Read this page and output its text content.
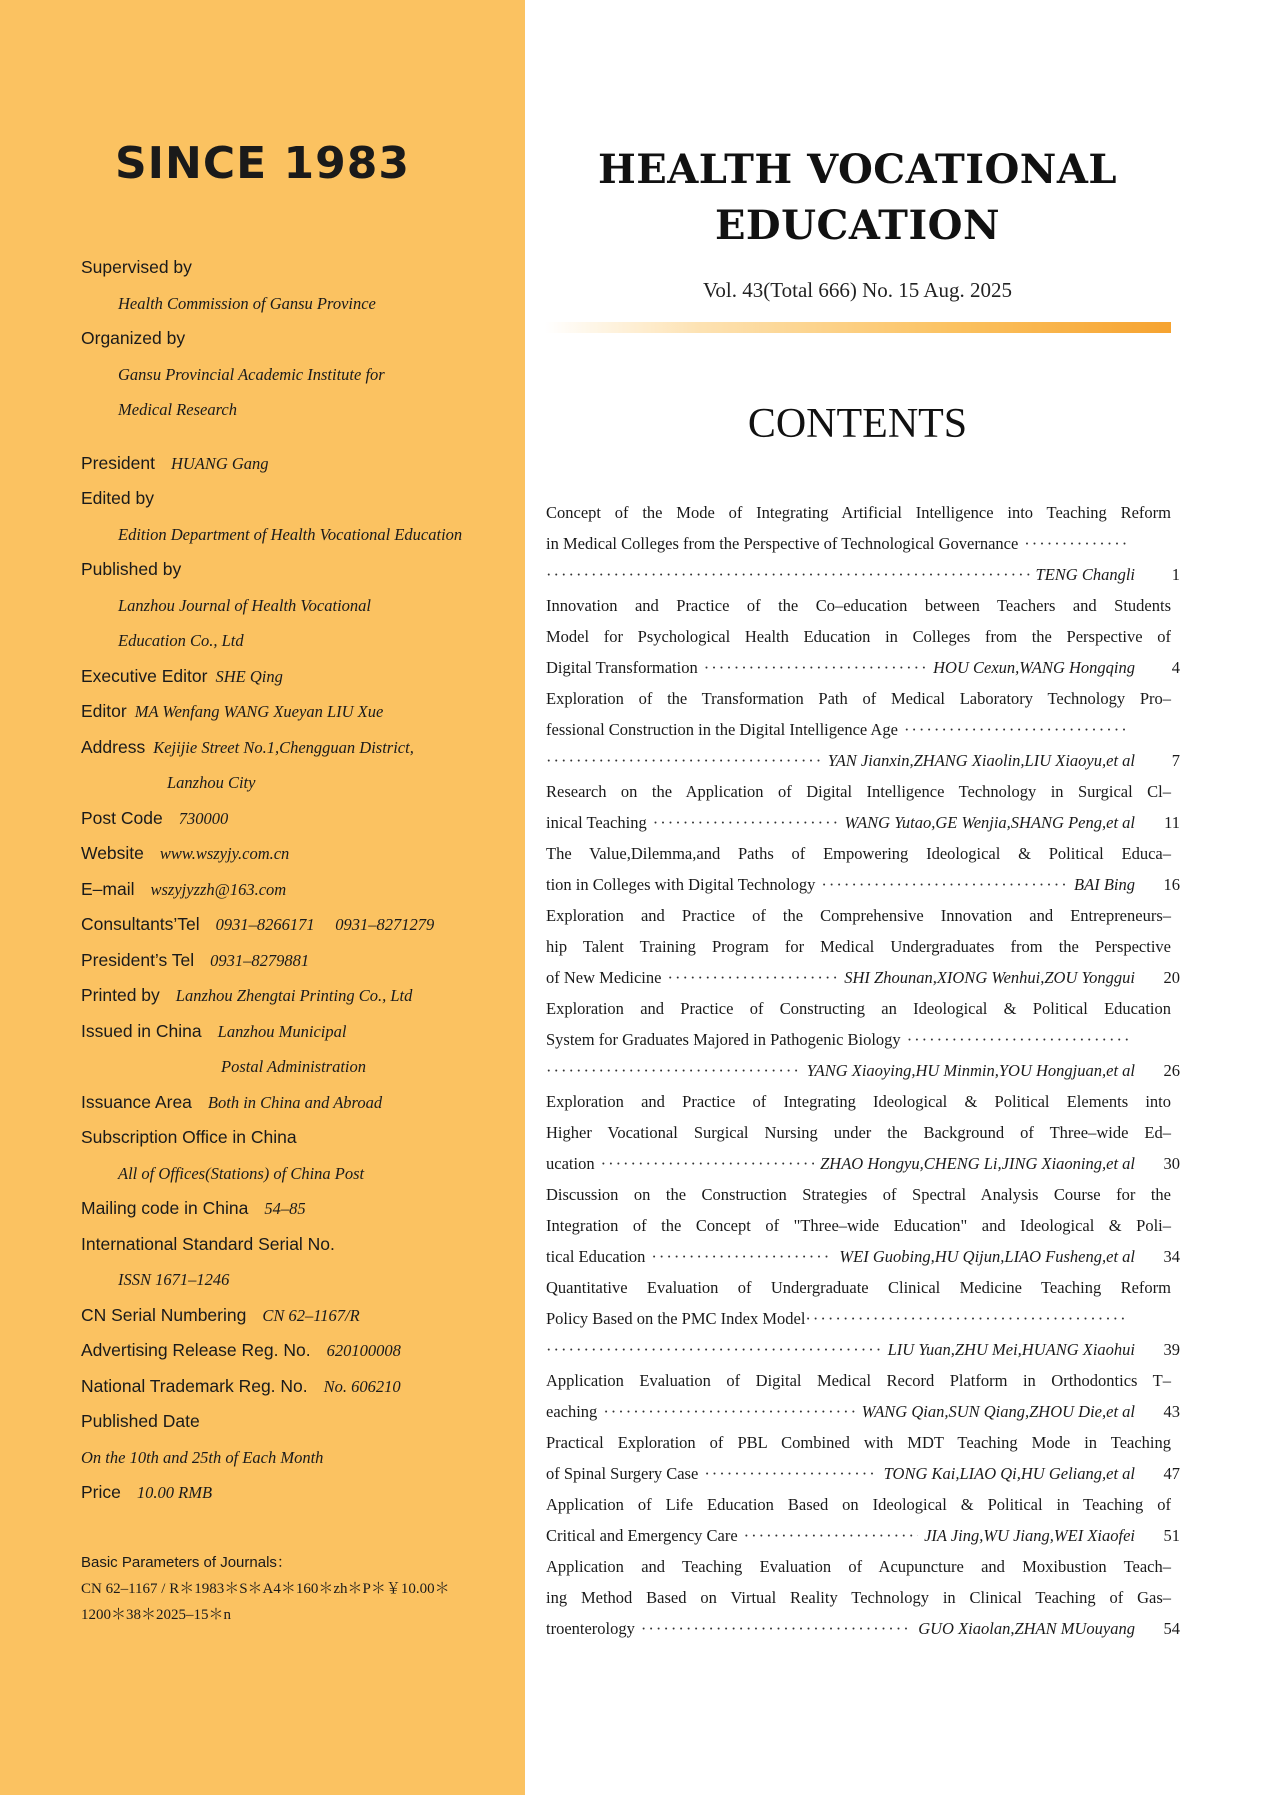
SINCE 1983
Supervised by
Health Commission of Gansu Province
Organized by
Gansu Provincial Academic Institute for
Medical Research
President HUANG Gang
Edited by
Edition Department of Health Vocational Education
Published by
Lanzhou Journal of Health Vocational
Education Co., Ltd
Executive Editor SHE Qing
Editor MA Wenfang WANG Xueyan LIU Xue
Address Kejijie Street No.1,Chengguan District,
Lanzhou City
Post Code 730000
Website www.wszyjy.com.cn
E–mail wszyjyzzh@163.com
Consultants’Tel 0931–8266171     0931–8271279
President’s Tel 0931–8279881
Printed by Lanzhou Zhengtai Printing Co., Ltd
Issued in China Lanzhou Municipal
Postal Administration
Issuance Area Both in China and Abroad
Subscription Office in China
All of Offices(Stations) of China Post
Mailing code in China 54–85
International Standard Serial No.
ISSN 1671–1246
CN Serial Numbering CN 62–1167/R
Advertising Release Reg. No. 620100008
National Trademark Reg. No. No. 606210
Published Date
On the 10th and 25th of Each Month
Price 10.00 RMB
Basic Parameters of Journals：
CN 62–1167 / R＊1983＊S＊A4＊160＊zh＊P＊￥10.00＊
1200＊38＊2025–15＊n
HEALTH VOCATIONAL
EDUCATION
Vol. 43(Total 666) No. 15 Aug. 2025
CONTENTS
Concept of the Mode of Integrating Artificial Intelligence into Teaching Reform
in Medical Colleges from the Perspective of Technological Governance
·····
·····
TENG Changli	1
Innovation and Practice of the Co–education between Teachers and Students
Model for Psychological Health Education in Colleges from the Perspective of
Digital Transformation ·····	HOU Cexun,WANG Hongqing	4
Exploration of the Transformation Path of Medical Laboratory Technology Pro–
fessional Construction in the Digital Intelligence Age
·····
·····
YAN Jianxin,ZHANG Xiaolin,LIU Xiaoyu,et al	7
Research on the Application of Digital Intelligence Technology in Surgical Cl–
inical Teaching ·····	WANG Yutao,GE Wenjia,SHANG Peng,et al	11
The Value,Dilemma,and Paths of Empowering Ideological & Political Educa–
tion in Colleges with Digital Technology ·····	BAI Bing	16
Exploration and Practice of the Comprehensive Innovation and Entrepreneurs–
hip Talent Training Program for Medical Undergraduates from the Perspective
of New Medicine ·····	SHI Zhounan,XIONG Wenhui,ZOU Yonggui	20
Exploration and Practice of Constructing an Ideological & Political Education
System for Graduates Majored in Pathogenic Biology
·····
·····
YANG Xiaoying,HU Minmin,YOU Hongjuan,et al	26
Exploration and Practice of Integrating Ideological & Political Elements into
Higher Vocational Surgical Nursing under the Background of Three–wide Ed–
ucation ·····	ZHAO Hongyu,CHENG Li,JING Xiaoning,et al	30
Discussion on the Construction Strategies of Spectral Analysis Course for the
Integration of the Concept of "Three–wide Education" and Ideological & Poli–
tical Education ·····	WEI Guobing,HU Qijun,LIAO Fusheng,et al	34
Quantitative Evaluation of Undergraduate Clinical Medicine Teaching Reform
Policy Based on the PMC Index Model
·····
·····
LIU Yuan,ZHU Mei,HUANG Xiaohui	39
Application Evaluation of Digital Medical Record Platform in Orthodontics T–
eaching ·····	WANG Qian,SUN Qiang,ZHOU Die,et al	43
Practical Exploration of PBL Combined with MDT Teaching Mode in Teaching
of Spinal Surgery Case ·····	TONG Kai,LIAO Qi,HU Geliang,et al	47
Application of Life Education Based on Ideological & Political in Teaching of
Critical and Emergency Care ·····	JIA Jing,WU Jiang,WEI Xiaofei	51
Application and Teaching Evaluation of Acupuncture and Moxibustion Teach–
ing Method Based on Virtual Reality Technology in Clinical Teaching of Gas–
troenterology ·····	GUO Xiaolan,ZHAN MUouyang	54
